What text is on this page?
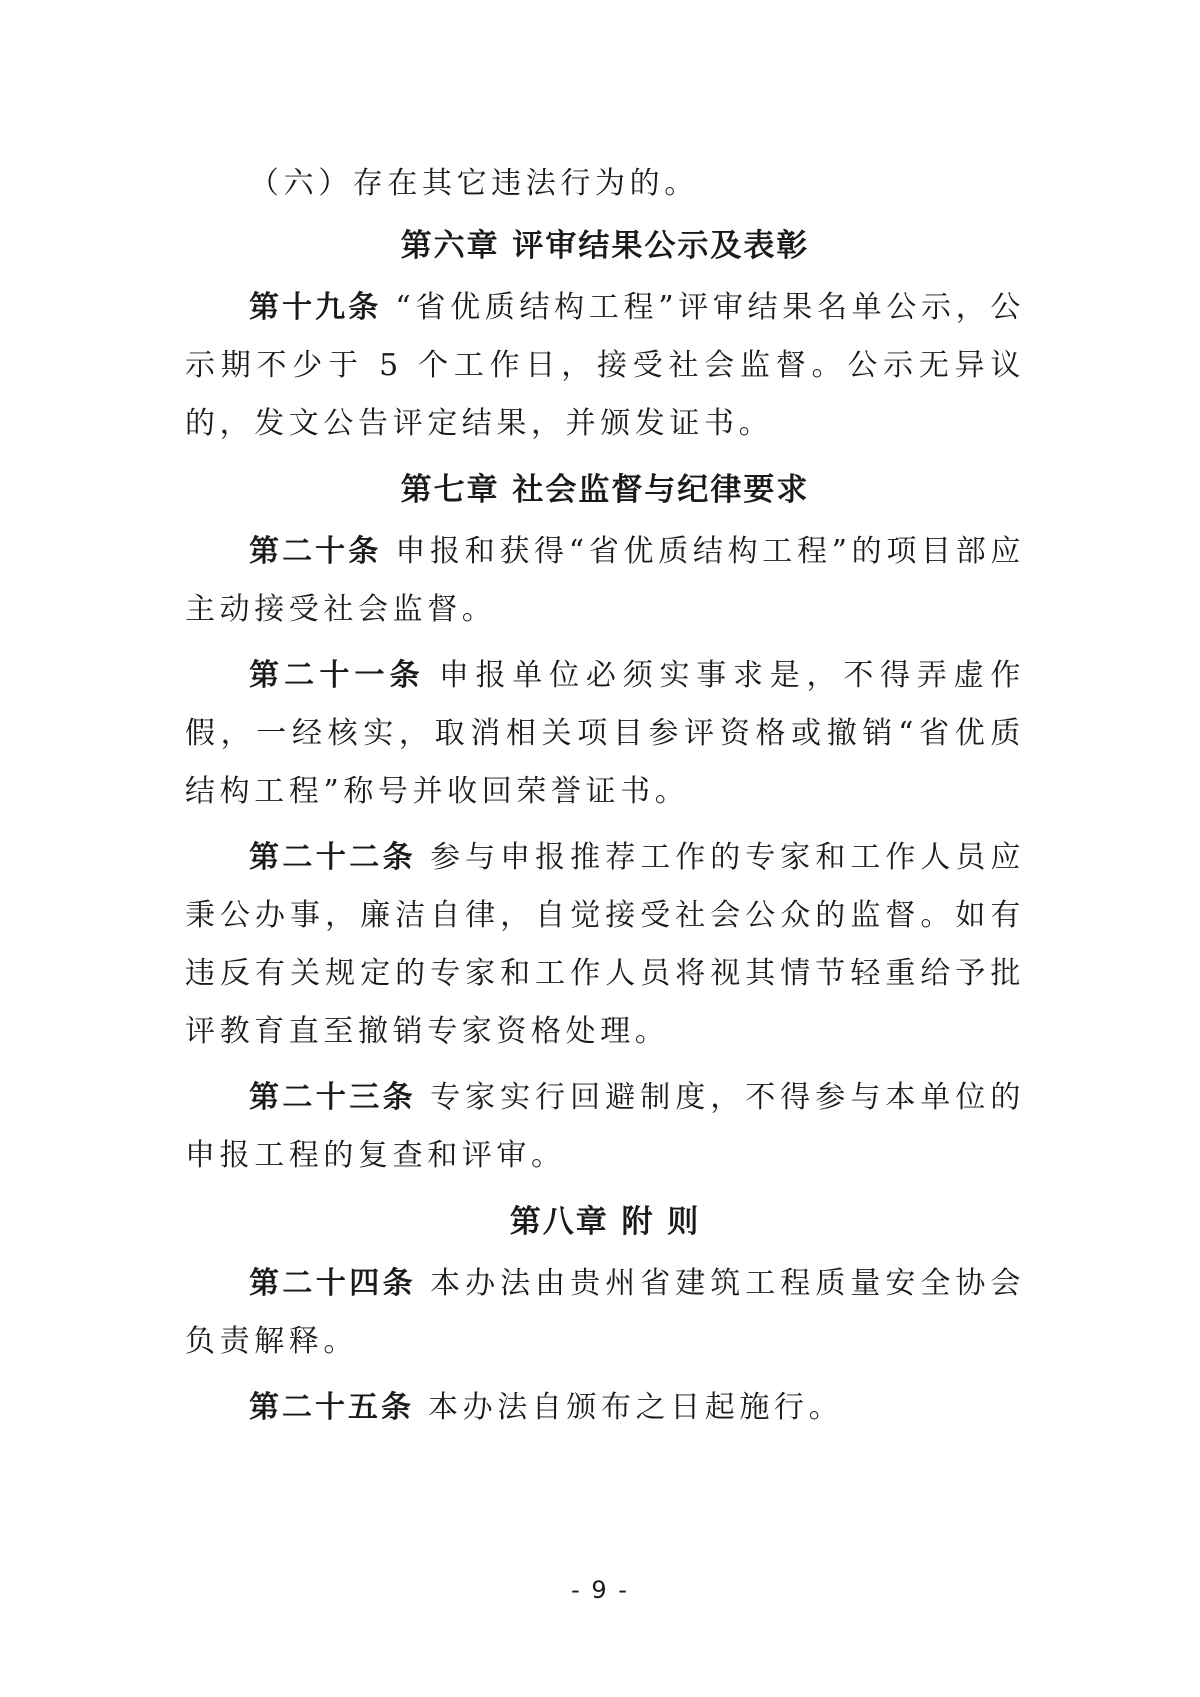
（六）存在其它违法行为的。

第六章 评审结果公示及表彰

第十九条 “省优质结构工程”评审结果名单公示，公示期不少于 5 个工作日，接受社会监督。公示无异议的，发文公告评定结果，并颁发证书。

第七章 社会监督与纪律要求

第二十条 申报和获得“省优质结构工程”的项目部应主动接受社会监督。

第二十一条 申报单位必须实事求是，不得弄虚作假，一经核实，取消相关项目参评资格或撤销“省优质结构工程”称号并收回荣誉证书。

第二十二条 参与申报推荐工作的专家和工作人员应秉公办事，廉洁自律，自觉接受社会公众的监督。如有违反有关规定的专家和工作人员将视其情节轻重给予批评教育直至撤销专家资格处理。

第二十三条 专家实行回避制度，不得参与本单位的申报工程的复查和评审。

第八章 附 则

第二十四条 本办法由贵州省建筑工程质量安全协会负责解释。

第二十五条 本办法自颁布之日起施行。

- 9 -
